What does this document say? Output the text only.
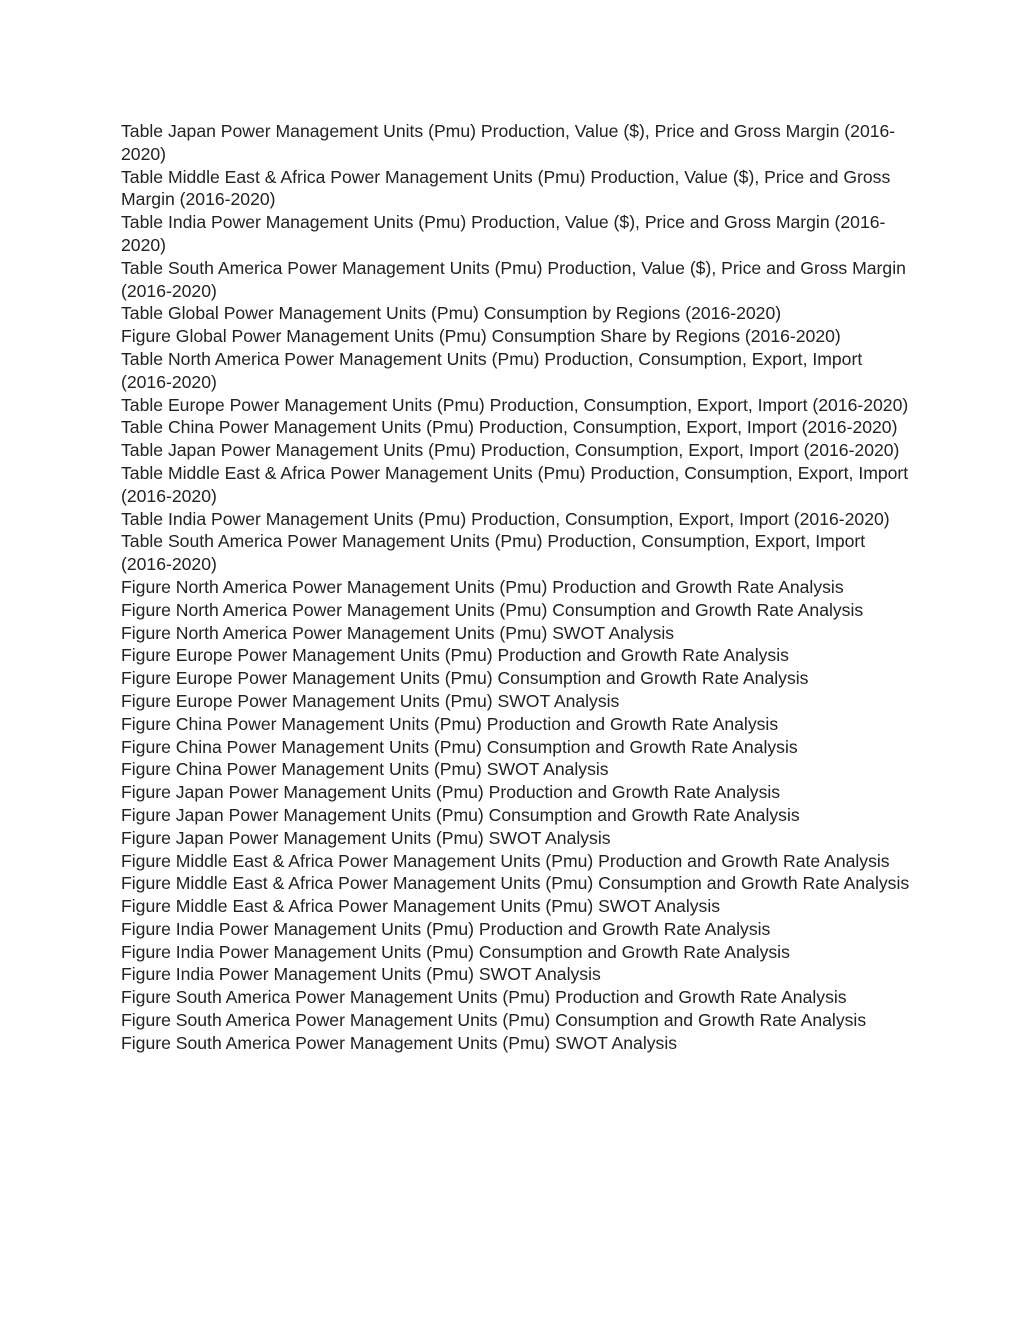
Table Japan Power Management Units (Pmu) Production, Value ($), Price and Gross Margin (2016-2020)

Table Middle East & Africa Power Management Units (Pmu) Production, Value ($), Price and Gross Margin (2016-2020)

Table India Power Management Units (Pmu) Production, Value ($), Price and Gross Margin (2016-2020)

Table South America Power Management Units (Pmu) Production, Value ($), Price and Gross Margin (2016-2020)

Table Global Power Management Units (Pmu) Consumption by Regions (2016-2020)

Figure Global Power Management Units (Pmu) Consumption Share by Regions (2016-2020)

Table North America Power Management Units (Pmu) Production, Consumption, Export, Import (2016-2020)

Table Europe Power Management Units (Pmu) Production, Consumption, Export, Import (2016-2020)

Table China Power Management Units (Pmu) Production, Consumption, Export, Import (2016-2020)

Table Japan Power Management Units (Pmu) Production, Consumption, Export, Import (2016-2020)

Table Middle East & Africa Power Management Units (Pmu) Production, Consumption, Export, Import (2016-2020)

Table India Power Management Units (Pmu) Production, Consumption, Export, Import (2016-2020)

Table South America Power Management Units (Pmu) Production, Consumption, Export, Import (2016-2020)

Figure North America Power Management Units (Pmu) Production and Growth Rate Analysis

Figure North America Power Management Units (Pmu) Consumption and Growth Rate Analysis

Figure North America Power Management Units (Pmu) SWOT Analysis

Figure Europe Power Management Units (Pmu) Production and Growth Rate Analysis

Figure Europe Power Management Units (Pmu) Consumption and Growth Rate Analysis

Figure Europe Power Management Units (Pmu) SWOT Analysis

Figure China Power Management Units (Pmu) Production and Growth Rate Analysis

Figure China Power Management Units (Pmu) Consumption and Growth Rate Analysis

Figure China Power Management Units (Pmu) SWOT Analysis

Figure Japan Power Management Units (Pmu) Production and Growth Rate Analysis

Figure Japan Power Management Units (Pmu) Consumption and Growth Rate Analysis

Figure Japan Power Management Units (Pmu) SWOT Analysis

Figure Middle East & Africa Power Management Units (Pmu) Production and Growth Rate Analysis

Figure Middle East & Africa Power Management Units (Pmu) Consumption and Growth Rate Analysis

Figure Middle East & Africa Power Management Units (Pmu) SWOT Analysis

Figure India Power Management Units (Pmu) Production and Growth Rate Analysis

Figure India Power Management Units (Pmu) Consumption and Growth Rate Analysis

Figure India Power Management Units (Pmu) SWOT Analysis

Figure South America Power Management Units (Pmu) Production and Growth Rate Analysis

Figure South America Power Management Units (Pmu) Consumption and Growth Rate Analysis

Figure South America Power Management Units (Pmu) SWOT Analysis
